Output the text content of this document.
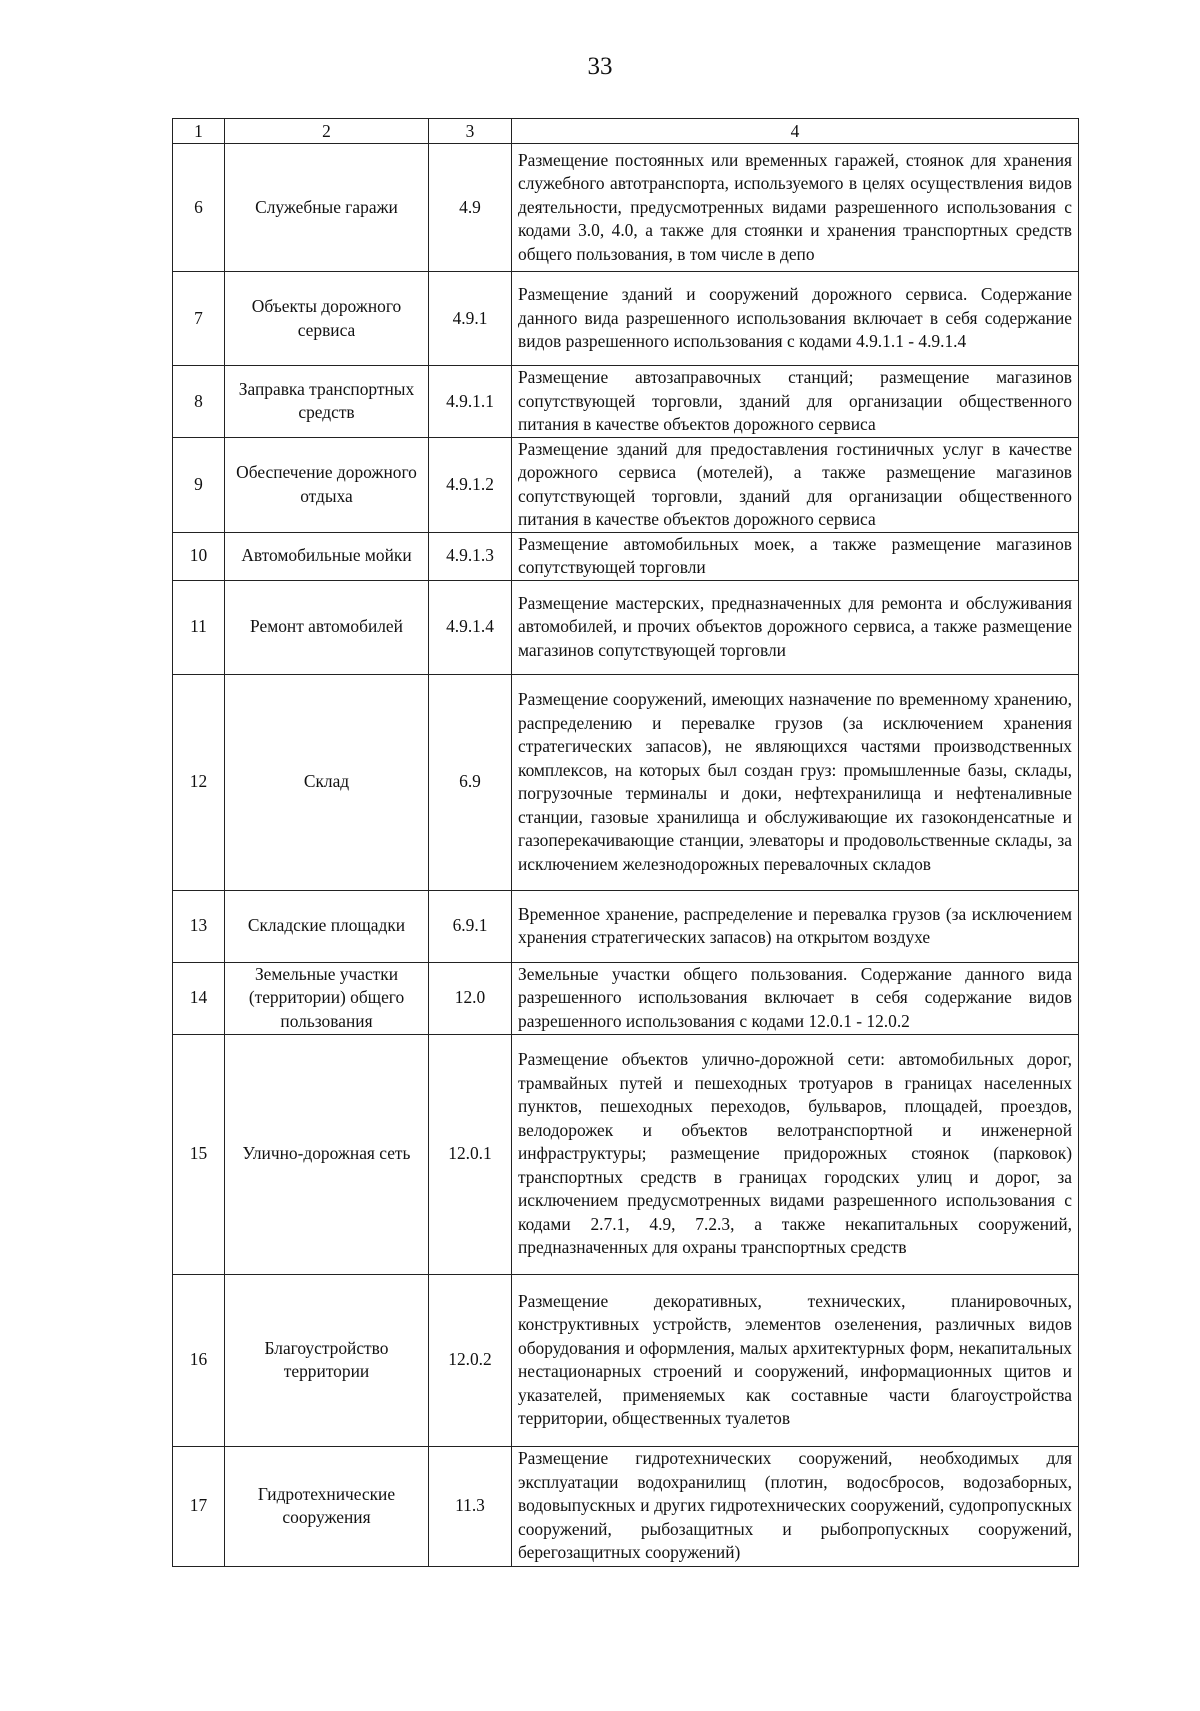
33
1	2	3	4
6	Служебные гаражи	4.9	Размещение постоянных или временных гаражей, стоянок для хранения служебного автотранспорта, используемого в целях осуществления видов деятельности, предусмотренных видами разрешенного использования с кодами 3.0, 4.0, а также для стоянки и хранения транспортных средств общего пользования, в том числе в депо
7	Объекты дорожного сервиса	4.9.1	Размещение зданий и сооружений дорожного сервиса. Содержание данного вида разрешенного использования включает в себя содержание видов разрешенного использования с кодами 4.9.1.1 - 4.9.1.4
8	Заправка транспортных средств	4.9.1.1	Размещение автозаправочных станций; размещение магазинов сопутствующей торговли, зданий для организации общественного питания в качестве объектов дорожного сервиса
9	Обеспечение дорожного отдыха	4.9.1.2	Размещение зданий для предоставления гостиничных услуг в качестве дорожного сервиса (мотелей), а также размещение магазинов сопутствующей торговли, зданий для организации общественного питания в качестве объектов дорожного сервиса
10	Автомобильные мойки	4.9.1.3	Размещение автомобильных моек, а также размещение магазинов сопутствующей торговли
11	Ремонт автомобилей	4.9.1.4	Размещение мастерских, предназначенных для ремонта и обслуживания автомобилей, и прочих объектов дорожного сервиса, а также размещение магазинов сопутствующей торговли
12	Склад	6.9	Размещение сооружений, имеющих назначение по временному хранению, распределению и перевалке грузов (за исключением хранения стратегических запасов), не являющихся частями производственных комплексов, на которых был создан груз: промышленные базы, склады, погрузочные терминалы и доки, нефтехранилища и нефтеналивные станции, газовые хранилища и обслуживающие их газоконденсатные и газоперекачивающие станции, элеваторы и продовольственные склады, за исключением железнодорожных перевалочных складов
13	Складские площадки	6.9.1	Временное хранение, распределение и перевалка грузов (за исключением хранения стратегических запасов) на открытом воздухе
14	Земельные участки (территории) общего пользования	12.0	Земельные участки общего пользования. Содержание данного вида разрешенного использования включает в себя содержание видов разрешенного использования с кодами 12.0.1 - 12.0.2
15	Улично-дорожная сеть	12.0.1	Размещение объектов улично-дорожной сети: автомобильных дорог, трамвайных путей и пешеходных тротуаров в границах населенных пунктов, пешеходных переходов, бульваров, площадей, проездов, велодорожек и объектов велотранспортной и инженерной инфраструктуры; размещение придорожных стоянок (парковок) транспортных средств в границах городских улиц и дорог, за исключением предусмотренных видами разрешенного использования с кодами 2.7.1, 4.9, 7.2.3, а также некапитальных сооружений, предназначенных для охраны транспортных средств
16	Благоустройство территории	12.0.2	Размещение декоративных, технических, планировочных, конструктивных устройств, элементов озеленения, различных видов оборудования и оформления, малых архитектурных форм, некапитальных нестационарных строений и сооружений, информационных щитов и указателей, применяемых как составные части благоустройства территории, общественных туалетов
17	Гидротехнические сооружения	11.3	Размещение гидротехнических сооружений, необходимых для эксплуатации водохранилищ (плотин, водосбросов, водозаборных, водовыпускных и других гидротехнических сооружений, судопропускных сооружений, рыбозащитных и рыбопропускных сооружений, берегозащитных сооружений)
